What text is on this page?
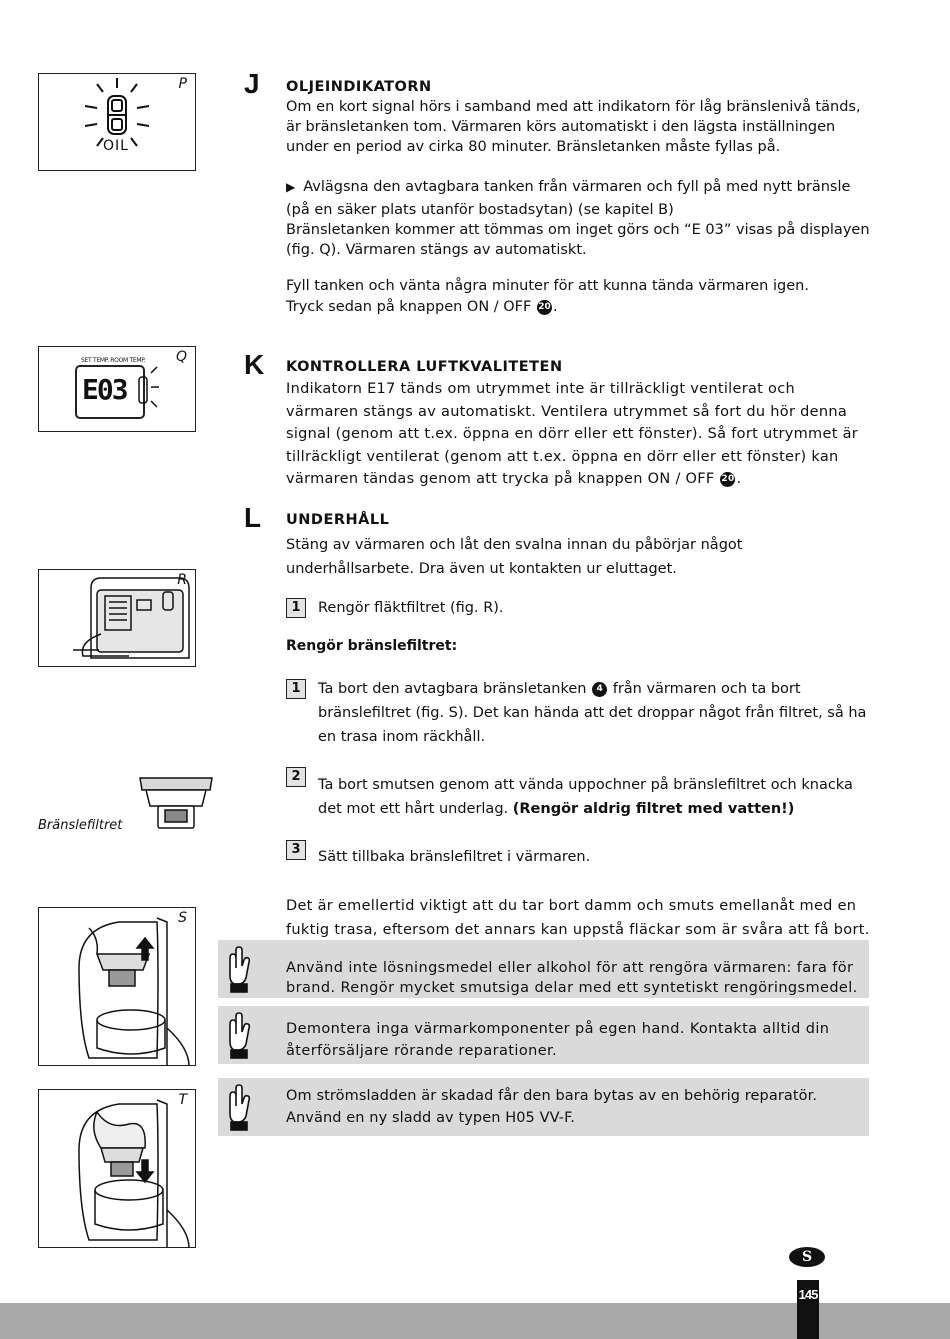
P
OIL
Q
SET TEMP. ROOM TEMP.
E03
R
Bränslefiltret
S
T
J OLJEINDIKATORN
Om en kort signal hörs i samband med att indikatorn för låg bränslenivå tänds, är bränsletanken tom. Värmaren körs automatiskt i den lägsta inställningen under en period av cirka 80 minuter. Bränsletanken måste fyllas på.
▶ Avlägsna den avtagbara tanken från värmaren och fyll på med nytt bränsle
(på en säker plats utanför bostadsytan) (se kapitel B)
Bränsletanken kommer att tömmas om inget görs och “E 03” visas på displayen (fig. Q). Värmaren stängs av automatiskt.
Fyll tanken och vänta några minuter för att kunna tända värmaren igen.
Tryck sedan på knappen ON / OFF 20 .
K KONTROLLERA LUFTKVALITETEN
Indikatorn E17 tänds om utrymmet inte är tillräckligt ventilerat och värmaren stängs av automatiskt. Ventilera utrymmet så fort du hör denna signal (genom att t.ex. öppna en dörr eller ett fönster). Så fort utrymmet är tillräckligt ventilerat (genom att t.ex. öppna en dörr eller ett fönster) kan värmaren tändas genom att trycka på knappen ON / OFF 20 .
L UNDERHÅLL
Stäng av värmaren och låt den svalna innan du påbörjar något underhållsarbete. Dra även ut kontakten ur eluttaget.
1	Rengör fläktfiltret (fig. R).
Rengör bränslefiltret:
1	Ta bort den avtagbara bränsletanken 4 från värmaren och ta bort bränslefiltret (fig. S). Det kan hända att det droppar något från filtret, så ha en trasa inom räckhåll.
2
Ta bort smutsen genom att vända uppochner på bränslefiltret och knacka det mot ett hårt underlag. (Rengör aldrig filtret med vatten!)
3	Sätt tillbaka bränslefiltret i värmaren.
Det är emellertid viktigt att du tar bort damm och smuts emellanåt med en fuktig trasa, eftersom det annars kan uppstå fläckar som är svåra att få bort.
Använd inte lösningsmedel eller alkohol för att rengöra värmaren: fara för brand. Rengör mycket smutsiga delar med ett syntetiskt rengöringsmedel.
Demontera inga värmarkomponenter på egen hand. Kontakta alltid din återförsäljare rörande reparationer.
Om strömsladden är skadad får den bara bytas av en behörig reparatör. Använd en ny sladd av typen H05 VV-F.
S
145
